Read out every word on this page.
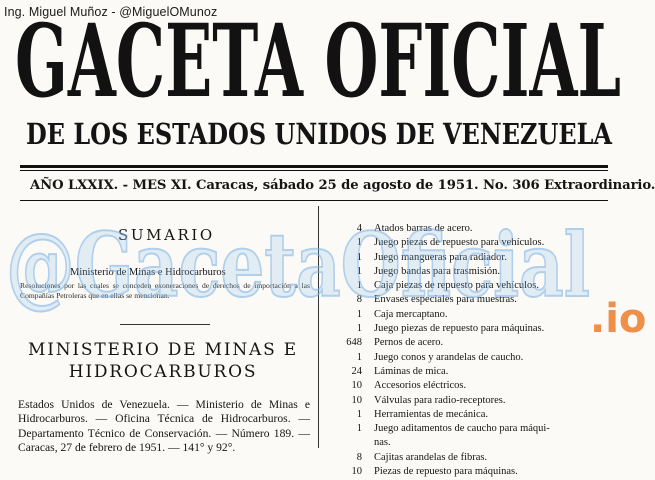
Ing. Miguel Muñoz - @MiguelOMunoz
GACETA OFICIAL
DE LOS ESTADOS UNIDOS DE VENEZUELA
AÑO LXXIX. - MES XI. Caracas, sábado 25 de agosto de 1951. No. 306 Extraordinario.
SUMARIO
Ministerio de Minas e Hidrocarburos
Resoluciones por las cuales se conceden exoneraciones de derechos de importación a las Compañías Petroleras que en ellas se mencionan.
MINISTERIO DE MINAS E HIDROCARBUROS
Estados Unidos de Venezuela. — Ministerio de Minas e Hidrocarburos. — Oficina Técnica de Hidrocarburos. — Departamento Técnico de Conservación. — Número 189. — Caracas, 27 de febrero de 1951. — 141° y 92°.
4	Atados barras de acero.
1	Juego piezas de repuesto para vehículos.
1	Juego mangueras para radiador.
1	Juego bandas para trasmisión.
1	Caja piezas de repuesto para vehículos.
8	Envases especiales para muestras.
1	Caja mercaptano.
1	Juego piezas de repuesto para máquinas.
648	Pernos de acero.
1	Juego conos y arandelas de caucho.
24	Láminas de mica.
10	Accesorios eléctricos.
10	Válvulas para radio-receptores.
1	Herramientas de mecánica.
1	Juego aditamentos de caucho para máqui-
nas.
8	Cajitas arandelas de fibras.
10	Piezas de repuesto para máquinas.
@GacetaOficial
.io
